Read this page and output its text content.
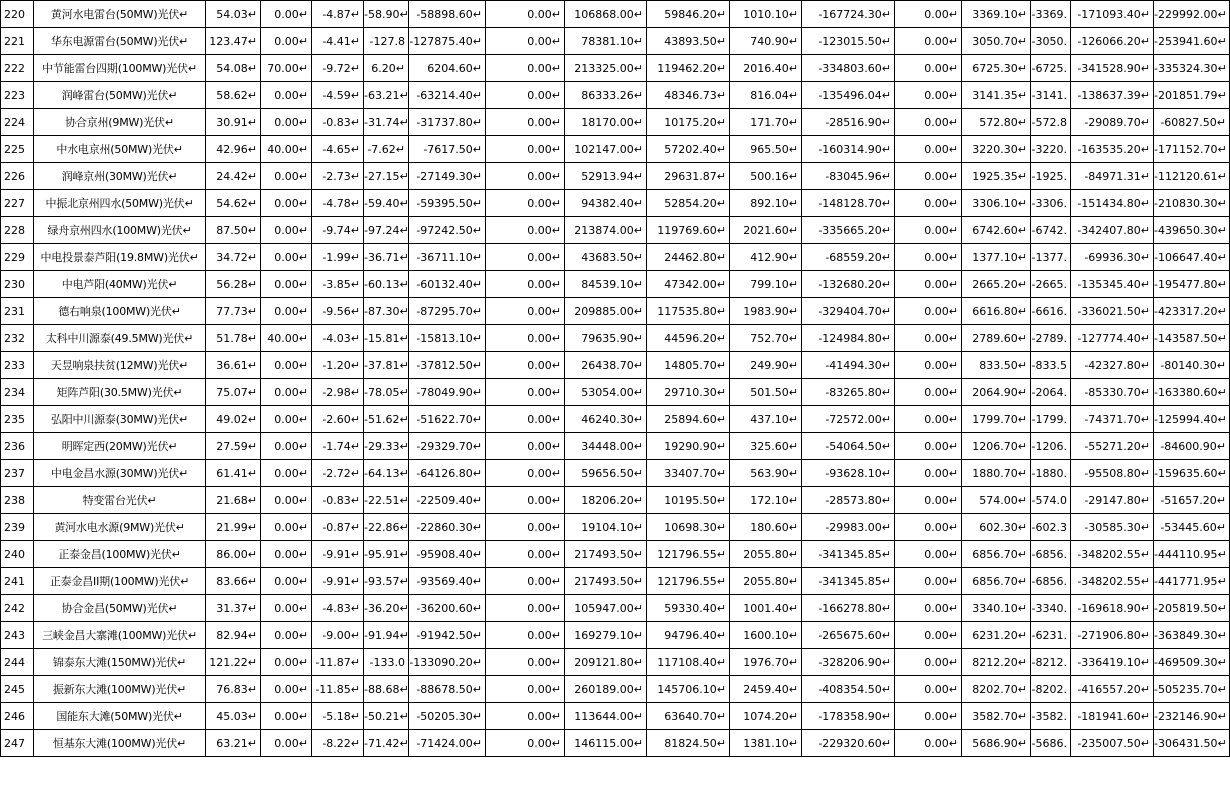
220	黄河水电雷台(50MW)光伏↵	54.03↵	0.00↵	-4.87↵	-58.90↵	-58898.60↵	0.00↵	106868.00↵	59846.20↵	1010.10↵	-167724.30↵	0.00↵	3369.10↵	-3369.	-171093.40↵	-229992.00↵
221	华东电源雷台(50MW)光伏↵	123.47↵	0.00↵	-4.41↵	-127.8	-127875.40↵	0.00↵	78381.10↵	43893.50↵	740.90↵	-123015.50↵	0.00↵	3050.70↵	-3050.	-126066.20↵	-253941.60↵
222	中节能雷台四期(100MW)光伏↵	54.08↵	70.00↵	-9.72↵	6.20↵	6204.60↵	0.00↵	213325.00↵	119462.20↵	2016.40↵	-334803.60↵	0.00↵	6725.30↵	-6725.	-341528.90↵	-335324.30↵
223	润峰雷台(50MW)光伏↵	58.62↵	0.00↵	-4.59↵	-63.21↵	-63214.40↵	0.00↵	86333.26↵	48346.73↵	816.04↵	-135496.04↵	0.00↵	3141.35↵	-3141.	-138637.39↵	-201851.79↵
224	协合京州(9MW)光伏↵	30.91↵	0.00↵	-0.83↵	-31.74↵	-31737.80↵	0.00↵	18170.00↵	10175.20↵	171.70↵	-28516.90↵	0.00↵	572.80↵	-572.8	-29089.70↵	-60827.50↵
225	中水电京州(50MW)光伏↵	42.96↵	40.00↵	-4.65↵	-7.62↵	-7617.50↵	0.00↵	102147.00↵	57202.40↵	965.50↵	-160314.90↵	0.00↵	3220.30↵	-3220.	-163535.20↵	-171152.70↵
226	润峰京州(30MW)光伏↵	24.42↵	0.00↵	-2.73↵	-27.15↵	-27149.30↵	0.00↵	52913.94↵	29631.87↵	500.16↵	-83045.96↵	0.00↵	1925.35↵	-1925.	-84971.31↵	-112120.61↵
227	中振北京州四水(50MW)光伏↵	54.62↵	0.00↵	-4.78↵	-59.40↵	-59395.50↵	0.00↵	94382.40↵	52854.20↵	892.10↵	-148128.70↵	0.00↵	3306.10↵	-3306.	-151434.80↵	-210830.30↵
228	绿舟京州四水(100MW)光伏↵	87.50↵	0.00↵	-9.74↵	-97.24↵	-97242.50↵	0.00↵	213874.00↵	119769.60↵	2021.60↵	-335665.20↵	0.00↵	6742.60↵	-6742.	-342407.80↵	-439650.30↵
229	中电投景泰芦阳(19.8MW)光伏↵	34.72↵	0.00↵	-1.99↵	-36.71↵	-36711.10↵	0.00↵	43683.50↵	24462.80↵	412.90↵	-68559.20↵	0.00↵	1377.10↵	-1377.	-69936.30↵	-106647.40↵
230	中电芦阳(40MW)光伏↵	56.28↵	0.00↵	-3.85↵	-60.13↵	-60132.40↵	0.00↵	84539.10↵	47342.00↵	799.10↵	-132680.20↵	0.00↵	2665.20↵	-2665.	-135345.40↵	-195477.80↵
231	德右响泉(100MW)光伏↵	77.73↵	0.00↵	-9.56↵	-87.30↵	-87295.70↵	0.00↵	209885.00↵	117535.80↵	1983.90↵	-329404.70↵	0.00↵	6616.80↵	-6616.	-336021.50↵	-423317.20↵
232	太科中川源泰(49.5MW)光伏↵	51.78↵	40.00↵	-4.03↵	-15.81↵	-15813.10↵	0.00↵	79635.90↵	44596.20↵	752.70↵	-124984.80↵	0.00↵	2789.60↵	-2789.	-127774.40↵	-143587.50↵
233	天昱响泉扶贫(12MW)光伏↵	36.61↵	0.00↵	-1.20↵	-37.81↵	-37812.50↵	0.00↵	26438.70↵	14805.70↵	249.90↵	-41494.30↵	0.00↵	833.50↵	-833.5	-42327.80↵	-80140.30↵
234	矩阵芦阳(30.5MW)光伏↵	75.07↵	0.00↵	-2.98↵	-78.05↵	-78049.90↵	0.00↵	53054.00↵	29710.30↵	501.50↵	-83265.80↵	0.00↵	2064.90↵	-2064.	-85330.70↵	-163380.60↵
235	弘阳中川源泰(30MW)光伏↵	49.02↵	0.00↵	-2.60↵	-51.62↵	-51622.70↵	0.00↵	46240.30↵	25894.60↵	437.10↵	-72572.00↵	0.00↵	1799.70↵	-1799.	-74371.70↵	-125994.40↵
236	明晖定西(20MW)光伏↵	27.59↵	0.00↵	-1.74↵	-29.33↵	-29329.70↵	0.00↵	34448.00↵	19290.90↵	325.60↵	-54064.50↵	0.00↵	1206.70↵	-1206.	-55271.20↵	-84600.90↵
237	中电金昌水源(30MW)光伏↵	61.41↵	0.00↵	-2.72↵	-64.13↵	-64126.80↵	0.00↵	59656.50↵	33407.70↵	563.90↵	-93628.10↵	0.00↵	1880.70↵	-1880.	-95508.80↵	-159635.60↵
238	特变雷台光伏↵	21.68↵	0.00↵	-0.83↵	-22.51↵	-22509.40↵	0.00↵	18206.20↵	10195.50↵	172.10↵	-28573.80↵	0.00↵	574.00↵	-574.0	-29147.80↵	-51657.20↵
239	黄河水电水源(9MW)光伏↵	21.99↵	0.00↵	-0.87↵	-22.86↵	-22860.30↵	0.00↵	19104.10↵	10698.30↵	180.60↵	-29983.00↵	0.00↵	602.30↵	-602.3	-30585.30↵	-53445.60↵
240	正泰金昌(100MW)光伏↵	86.00↵	0.00↵	-9.91↵	-95.91↵	-95908.40↵	0.00↵	217493.50↵	121796.55↵	2055.80↵	-341345.85↵	0.00↵	6856.70↵	-6856.	-348202.55↵	-444110.95↵
241	正泰金昌II期(100MW)光伏↵	83.66↵	0.00↵	-9.91↵	-93.57↵	-93569.40↵	0.00↵	217493.50↵	121796.55↵	2055.80↵	-341345.85↵	0.00↵	6856.70↵	-6856.	-348202.55↵	-441771.95↵
242	协合金昌(50MW)光伏↵	31.37↵	0.00↵	-4.83↵	-36.20↵	-36200.60↵	0.00↵	105947.00↵	59330.40↵	1001.40↵	-166278.80↵	0.00↵	3340.10↵	-3340.	-169618.90↵	-205819.50↵
243	三峡金昌大寨滩(100MW)光伏↵	82.94↵	0.00↵	-9.00↵	-91.94↵	-91942.50↵	0.00↵	169279.10↵	94796.40↵	1600.10↵	-265675.60↵	0.00↵	6231.20↵	-6231.	-271906.80↵	-363849.30↵
244	锦泰东大滩(150MW)光伏↵	121.22↵	0.00↵	-11.87↵	-133.0	-133090.20↵	0.00↵	209121.80↵	117108.40↵	1976.70↵	-328206.90↵	0.00↵	8212.20↵	-8212.	-336419.10↵	-469509.30↵
245	振新东大滩(100MW)光伏↵	76.83↵	0.00↵	-11.85↵	-88.68↵	-88678.50↵	0.00↵	260189.00↵	145706.10↵	2459.40↵	-408354.50↵	0.00↵	8202.70↵	-8202.	-416557.20↵	-505235.70↵
246	国能东大滩(50MW)光伏↵	45.03↵	0.00↵	-5.18↵	-50.21↵	-50205.30↵	0.00↵	113644.00↵	63640.70↵	1074.20↵	-178358.90↵	0.00↵	3582.70↵	-3582.	-181941.60↵	-232146.90↵
247	恒基东大滩(100MW)光伏↵	63.21↵	0.00↵	-8.22↵	-71.42↵	-71424.00↵	0.00↵	146115.00↵	81824.50↵	1381.10↵	-229320.60↵	0.00↵	5686.90↵	-5686.	-235007.50↵	-306431.50↵
